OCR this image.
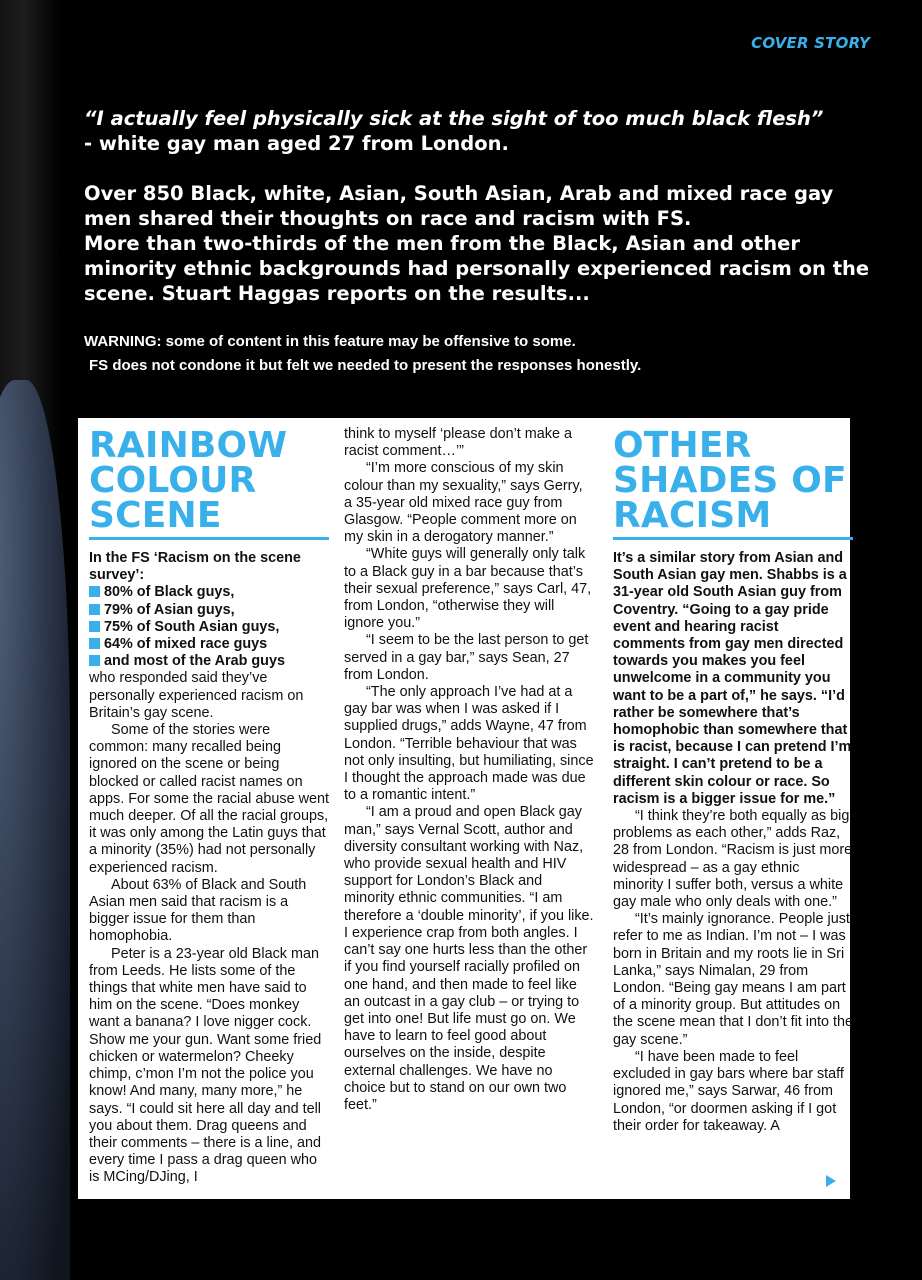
COVER STORY

“I actually feel physically sick at the sight of too much black flesh”

- white gay man aged 27 from London.

Over 850 Black, white, Asian, South Asian, Arab and mixed race gay men shared their thoughts on race and racism with FS.

More than two-thirds of the men from the Black, Asian and other minority ethnic backgrounds had personally experienced racism on the scene. Stuart Haggas reports on the results...

WARNING: some of content in this feature may be offensive to some.

FS does not condone it but felt we needed to present the responses honestly.

RAINBOW COLOUR SCENE

In the FS ‘Racism on the scene survey’:

80% of Black guys,

79% of Asian guys,

75% of South Asian guys,

64% of mixed race guys

and most of the Arab guys

who responded said they’ve personally experienced racism on Britain’s gay scene.

Some of the stories were common: many recalled being ignored on the scene or being blocked or called racist names on apps. For some the racial abuse went much deeper. Of all the racial groups, it was only among the Latin guys that a minority (35%) had not personally experienced racism.

About 63% of Black and South Asian men said that racism is a bigger issue for them than homophobia.

Peter is a 23-year old Black man from Leeds. He lists some of the things that white men have said to him on the scene. “Does monkey want a banana? I love nigger cock. Show me your gun. Want some fried chicken or watermelon? Cheeky chimp, c’mon I’m not the police you know! And many, many more,” he says. “I could sit here all day and tell you about them. Drag queens and their comments – there is a line, and every time I pass a drag queen who is MCing/DJing, I

think to myself ‘please don’t make a racist comment…’”

“I’m more conscious of my skin colour than my sexuality,” says Gerry, a 35-year old mixed race guy from Glasgow. “People comment more on my skin in a derogatory manner.”

“White guys will generally only talk to a Black guy in a bar because that’s their sexual preference,” says Carl, 47, from London, “otherwise they will ignore you.”

“I seem to be the last person to get served in a gay bar,” says Sean, 27 from London.

“The only approach I’ve had at a gay bar was when I was asked if I supplied drugs,” adds Wayne, 47 from London. “Terrible behaviour that was not only insulting, but humiliating, since I thought the approach made was due to a romantic intent.”

“I am a proud and open Black gay man,” says Vernal Scott, author and diversity consultant working with Naz, who provide sexual health and HIV support for London’s Black and minority ethnic communities. “I am therefore a ‘double minority’, if you like. I experience crap from both angles. I can’t say one hurts less than the other if you find yourself racially profiled on one hand, and then made to feel like an outcast in a gay club – or trying to get into one! But life must go on. We have to learn to feel good about ourselves on the inside, despite external challenges. We have no choice but to stand on our own two feet.”

OTHER SHADES OF RACISM

It’s a similar story from Asian and South Asian gay men. Shabbs is a 31-year old South Asian guy from Coventry. “Going to a gay pride event and hearing racist comments from gay men directed towards you makes you feel unwelcome in a community you want to be a part of,” he says. “I’d rather be somewhere that’s homophobic than somewhere that is racist, because I can pretend I’m straight. I can’t pretend to be a different skin colour or race. So racism is a bigger issue for me.”

“I think they’re both equally as big problems as each other,” adds Raz, 28 from London. “Racism is just more widespread – as a gay ethnic minority I suffer both, versus a white gay male who only deals with one.”

“It’s mainly ignorance. People just refer to me as Indian. I’m not – I was born in Britain and my roots lie in Sri Lanka,” says Nimalan, 29 from London. “Being gay means I am part of a minority group. But attitudes on the scene mean that I don’t fit into the gay scene.”

“I have been made to feel excluded in gay bars where bar staff ignored me,” says Sarwar, 46 from London, “or doormen asking if I got their order for takeaway. A
